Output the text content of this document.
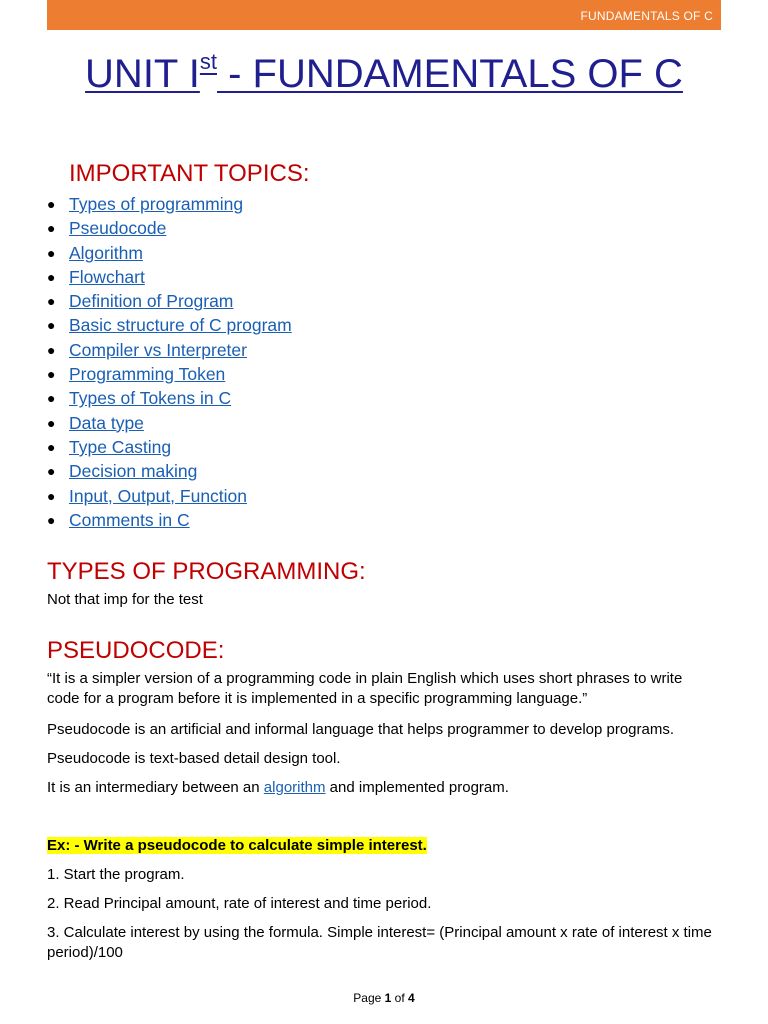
FUNDAMENTALS OF C
UNIT Ist - FUNDAMENTALS OF C
IMPORTANT TOPICS:
● Types of programming
● Pseudocode
● Algorithm
● Flowchart
● Definition of Program
● Basic structure of C program
● Compiler vs Interpreter
● Programming Token
● Types of Tokens in C
● Data type
● Type Casting
● Decision making
● Input, Output, Function
● Comments in C
TYPES OF PROGRAMMING:

Not that imp for the test

PSEUDOCODE:

“It is a simpler version of a programming code in plain English which uses short phrases to write code for a program before it is implemented in a specific programming language.”

Pseudocode is an artificial and informal language that helps programmer to develop programs.

Pseudocode is text-based detail design tool.

It is an intermediary between an algorithm and implemented program.

Ex: - Write a pseudocode to calculate simple interest.

1. Start the program.

2. Read Principal amount, rate of interest and time period.

3. Calculate interest by using the formula. Simple interest= (Principal amount x rate of interest x time period)/100

Page 1 of 4
